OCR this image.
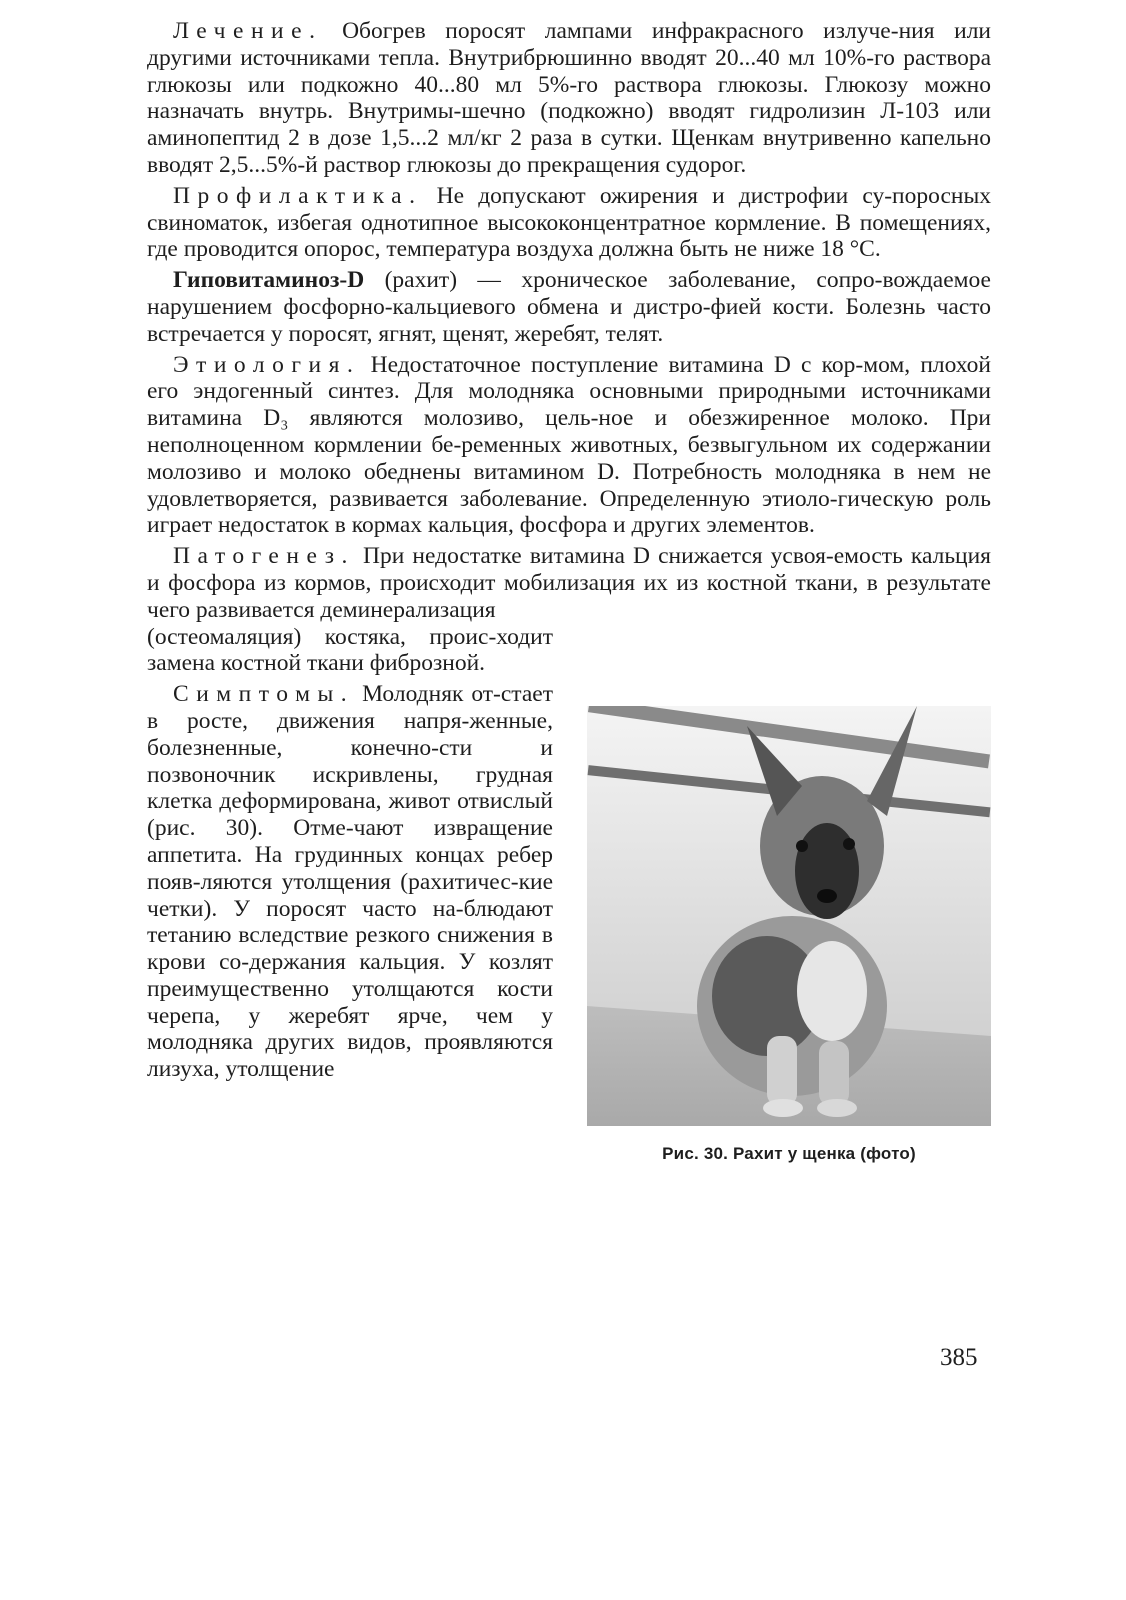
Лечение. Обогрев поросят лампами инфракрасного излуче-ния или другими источниками тепла. Внутрибрюшинно вводят 20...40 мл 10%-го раствора глюкозы или подкожно 40...80 мл 5%-го раствора глюкозы. Глюкозу можно назначать внутрь. Внутримы-шечно (подкожно) вводят гидролизин Л-103 или аминопептид 2 в дозе 1,5...2 мл/кг 2 раза в сутки. Щенкам внутривенно капельно вводят 2,5...5%-й раствор глюкозы до прекращения судорог.

Профилактика. Не допускают ожирения и дистрофии су-поросных свиноматок, избегая однотипное высококонцентратное кормление. В помещениях, где проводится опорос, температура воздуха должна быть не ниже 18 °С.

Гиповитаминоз-D (рахит) — хроническое заболевание, сопро-вождаемое нарушением фосфорно-кальциевого обмена и дистро-фией кости. Болезнь часто встречается у поросят, ягнят, щенят, жеребят, телят.

Этиология. Недостаточное поступление витамина D с кор-мом, плохой его эндогенный синтез. Для молодняка основными природными источниками витамина D₃ являются молозиво, цель-ное и обезжиренное молоко. При неполноценном кормлении бе-ременных животных, безвыгульном их содержании молозиво и молоко обеднены витамином D. Потребность молодняка в нем не удовлетворяется, развивается заболевание. Определенную этиоло-гическую роль играет недостаток в кормах кальция, фосфора и других элементов.

Патогенез. При недостатке витамина D снижается усвоя-емость кальция и фосфора из кормов, происходит мобилизация их из костной ткани, в результате чего развивается деминерализация

(остеомаляция) костяка, проис-ходит замена костной ткани фиброзной.

Симптомы. Молодняк от-стает в росте, движения напря-женные, болезненные, конечно-сти и позвоночник искривлены, грудная клетка деформирована, живот отвислый (рис. 30). Отме-чают извращение аппетита. На грудинных концах ребер появ-ляются утолщения (рахитичес-кие четки). У поросят часто на-блюдают тетанию вследствие резкого снижения в крови со-держания кальция. У козлят преимущественно утолщаются кости черепа, у жеребят ярче, чем у молодняка других видов, проявляются лизуха, утолщение

Рис. 30. Рахит у щенка (фото)
385
